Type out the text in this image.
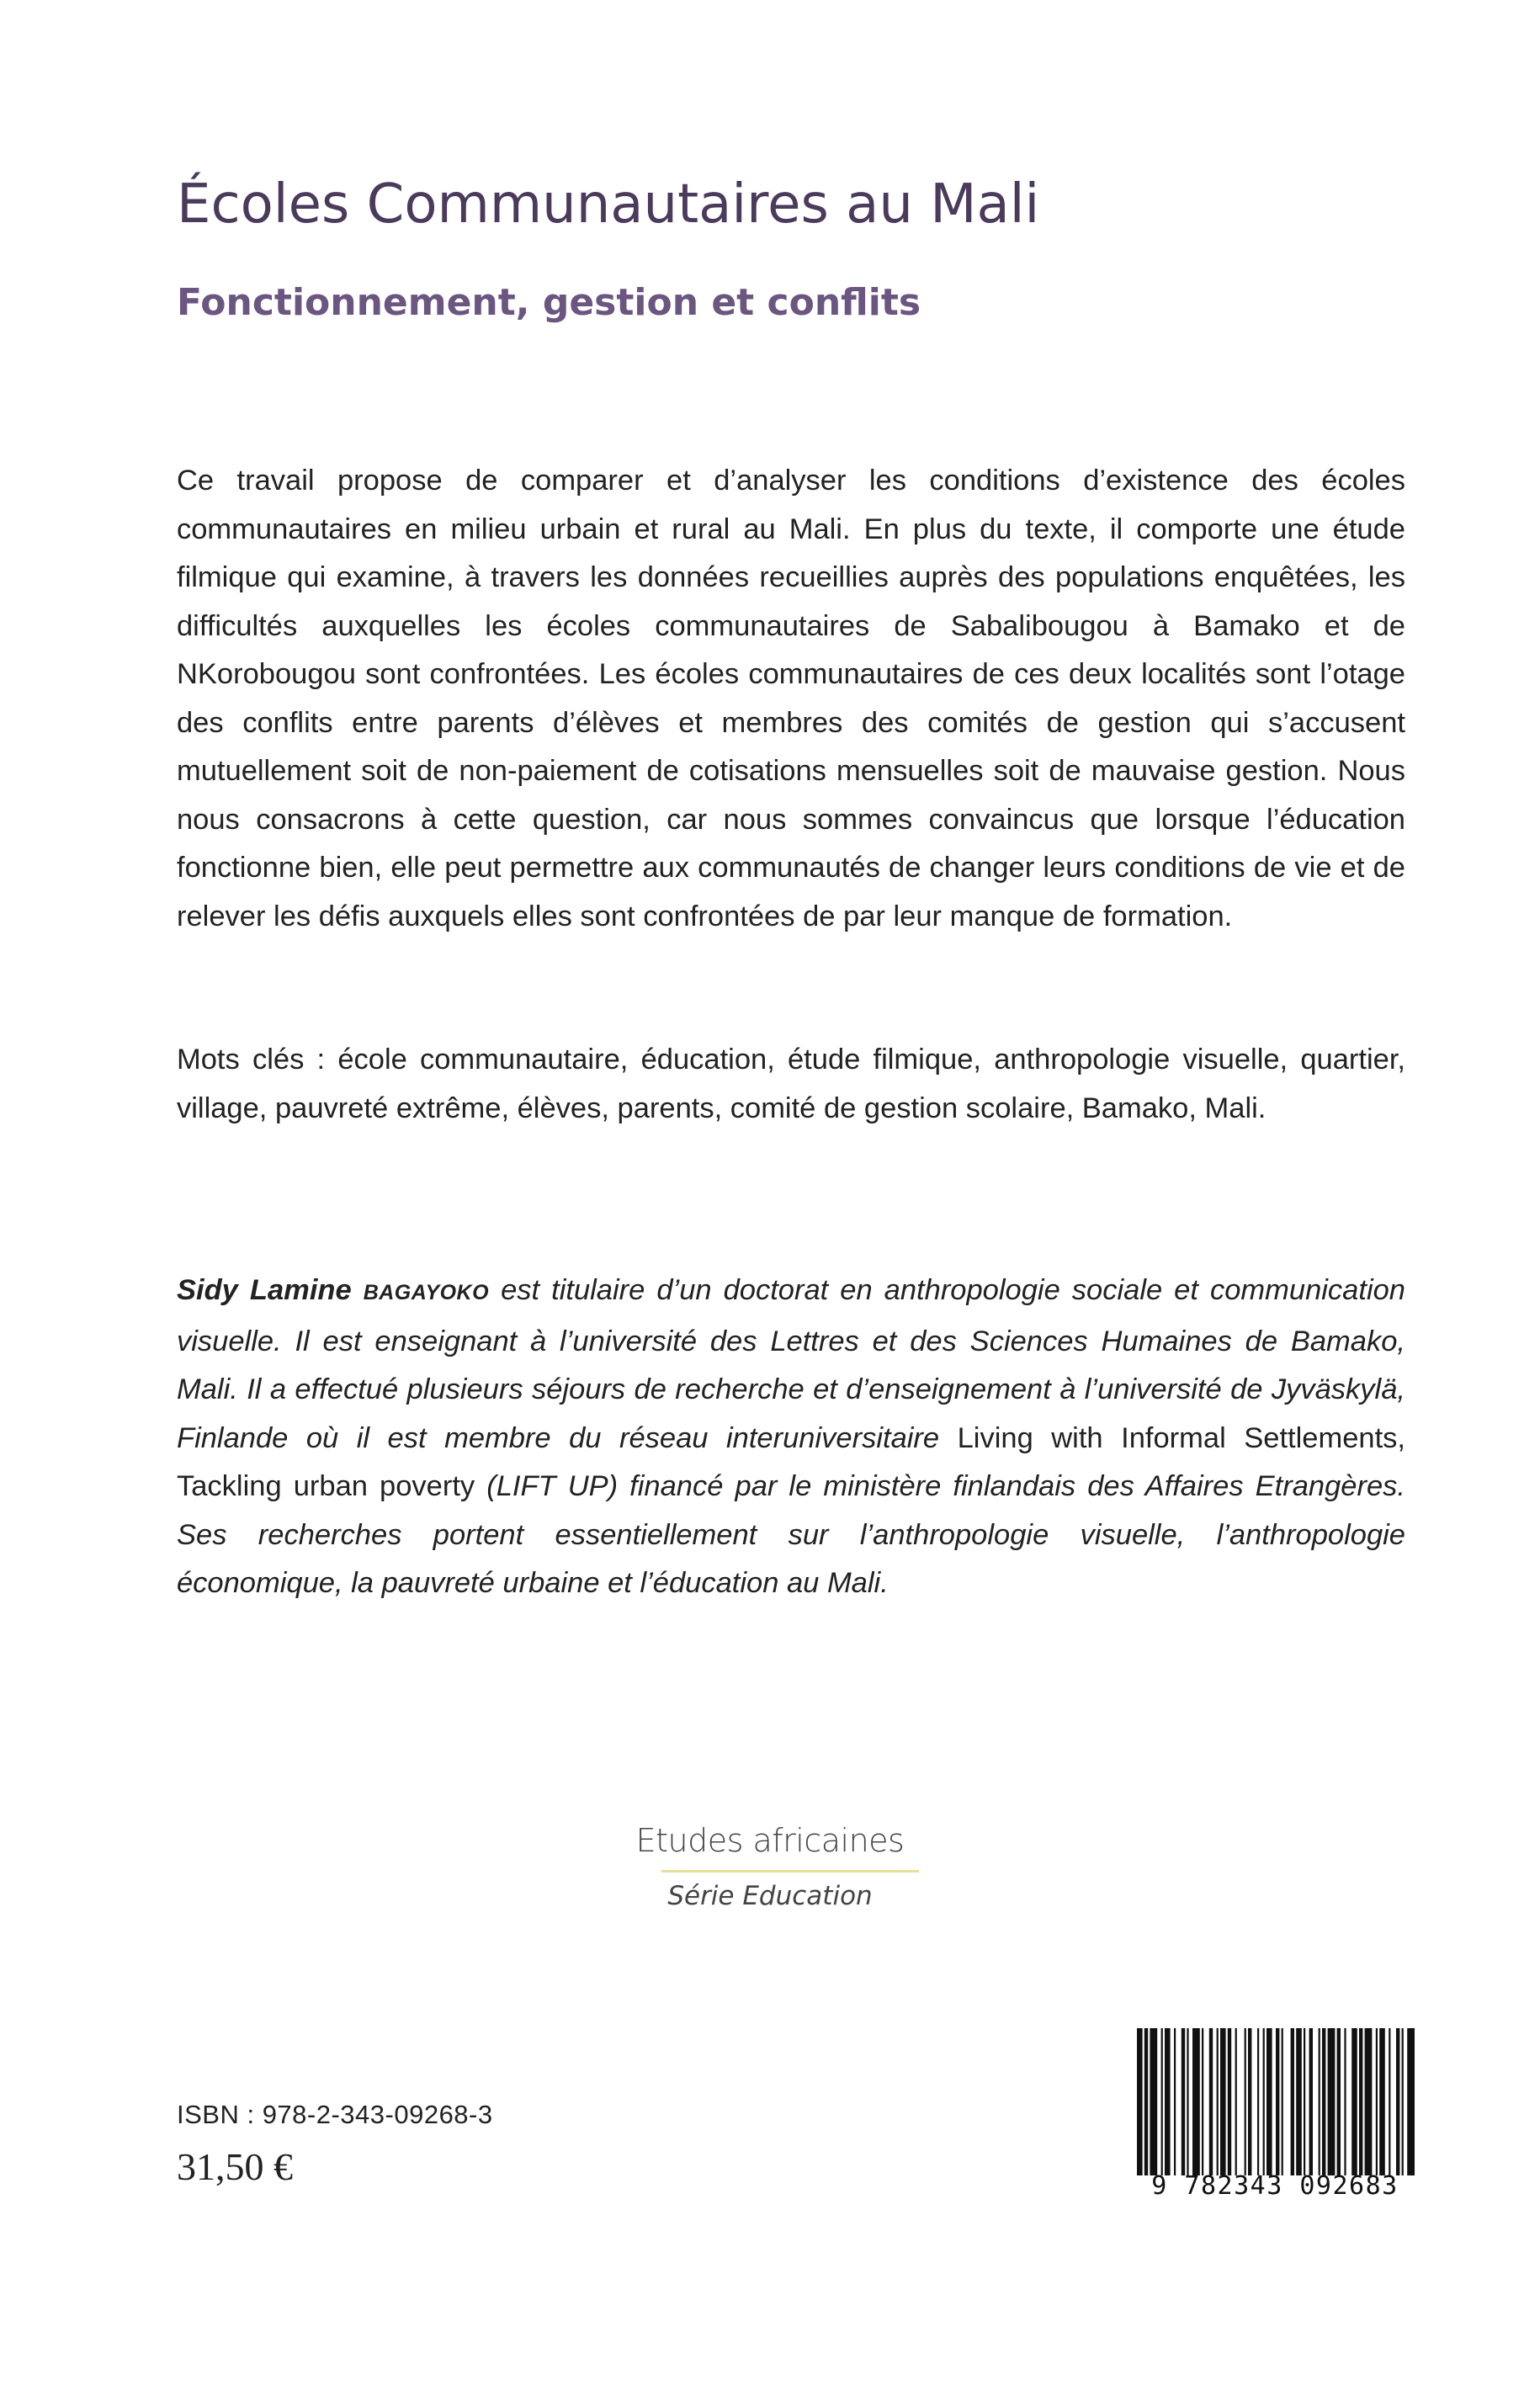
Écoles Communautaires au Mali
Fonctionnement, gestion et conflits

Ce travail propose de comparer et d’analyser les conditions d’existence des écoles communautaires en milieu urbain et rural au Mali. En plus du texte, il comporte une étude filmique qui examine, à travers les données recueillies auprès des populations enquêtées, les difficultés auxquelles les écoles communautaires de Sabalibougou à Bamako et de NKorobougou sont confrontées. Les écoles communautaires de ces deux localités sont l’otage des conflits entre parents d’élèves et membres des comités de gestion qui s’accusent mutuellement soit de non-paiement de cotisations mensuelles soit de mauvaise gestion. Nous nous consacrons à cette question, car nous sommes convaincus que lorsque l’éducation fonctionne bien, elle peut permettre aux communautés de changer leurs conditions de vie et de relever les défis auxquels elles sont confrontées de par leur manque de formation.

Mots clés : école communautaire, éducation, étude filmique, anthropologie visuelle, quartier, village, pauvreté extrême, élèves, parents, comité de gestion scolaire, Bamako, Mali.

Sidy Lamine BAGAYOKO est titulaire d’un doctorat en anthropologie sociale et communication visuelle. Il est enseignant à l’université des Lettres et des Sciences Humaines de Bamako, Mali. Il a effectué plusieurs séjours de recherche et d’enseignement à l’université de Jyväskylä, Finlande où il est membre du réseau interuniversitaire Living with Informal Settlements, Tackling urban poverty (LIFT UP) financé par le ministère finlandais des Affaires Etrangères. Ses recherches portent essentiellement sur l’anthropologie visuelle, l’anthropologie économique, la pauvreté urbaine et l’éducation au Mali.

Etudes africaines
Série Education
ISBN : 978-2-343-09268-3
31,50 €	9 782343 092683
